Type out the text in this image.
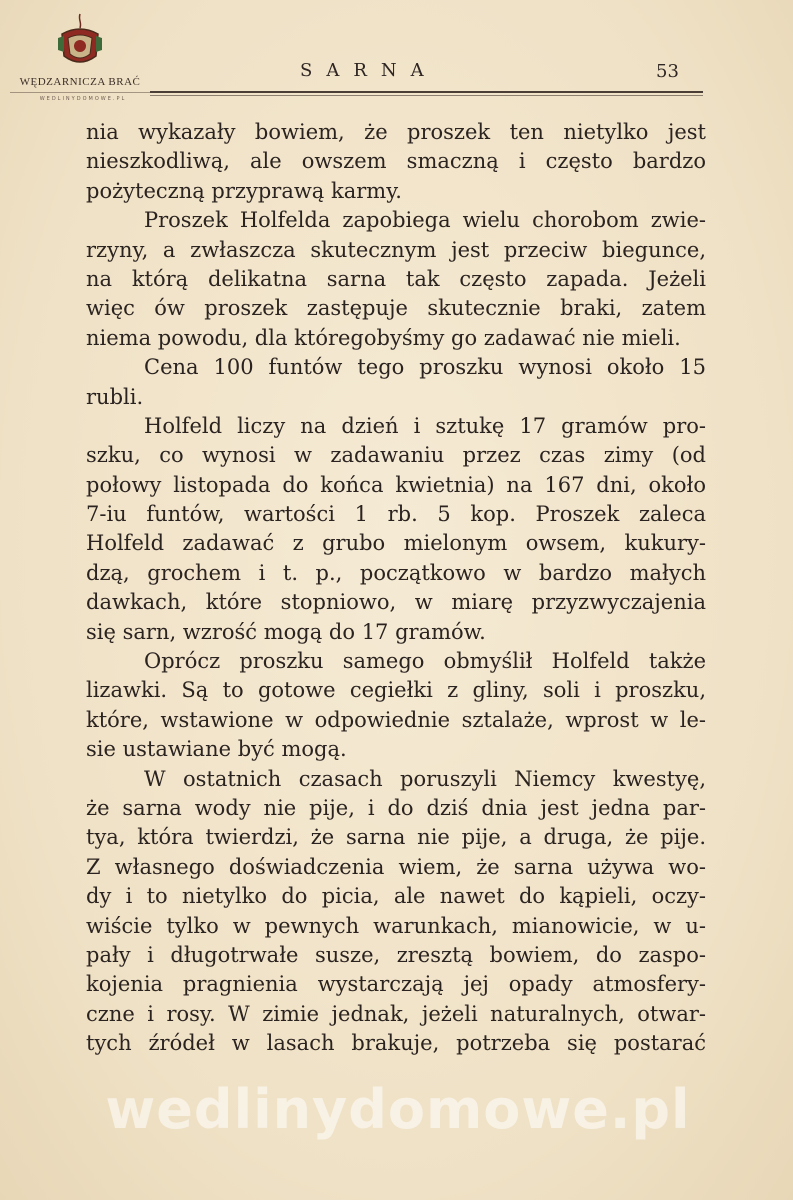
WĘDZARNICZA BRAĆ
WEDLINYDOMOWE.PL
SARNA	53
nia wykazały bowiem, że proszek ten nietylko jest
nieszkodliwą, ale owszem smaczną i często bardzo
pożyteczną przyprawą karmy.
Proszek Holfelda zapobiega wielu chorobom zwie-
rzyny, a zwłaszcza skutecznym jest przeciw biegunce,
na którą delikatna sarna tak często zapada. Jeżeli
więc ów proszek zastępuje skutecznie braki, zatem
niema powodu, dla któregobyśmy go zadawać nie mieli.
Cena 100 funtów tego proszku wynosi około 15
rubli.
Holfeld liczy na dzień i sztukę 17 gramów pro-
szku, co wynosi w zadawaniu przez czas zimy (od
połowy listopada do końca kwietnia) na 167 dni, około
7-iu funtów, wartości 1 rb. 5 kop. Proszek zaleca
Holfeld zadawać z grubo mielonym owsem, kukury-
dzą, grochem i t. p., początkowo w bardzo małych
dawkach, które stopniowo, w miarę przyzwyczajenia
się sarn, wzrość mogą do 17 gramów.
Oprócz proszku samego obmyślił Holfeld także
lizawki. Są to gotowe cegiełki z gliny, soli i proszku,
które, wstawione w odpowiednie sztalaże, wprost w le-
sie ustawiane być mogą.
W ostatnich czasach poruszyli Niemcy kwestyę,
że sarna wody nie pije, i do dziś dnia jest jedna par-
tya, która twierdzi, że sarna nie pije, a druga, że pije.
Z własnego doświadczenia wiem, że sarna używa wo-
dy i to nietylko do picia, ale nawet do kąpieli, oczy-
wiście tylko w pewnych warunkach, mianowicie, w u-
pały i długotrwałe susze, zresztą bowiem, do zaspo-
kojenia pragnienia wystarczają jej opady atmosfery-
czne i rosy. W zimie jednak, jeżeli naturalnych, otwar-
tych źródeł w lasach brakuje, potrzeba się postarać
wedlinydomowe.pl
